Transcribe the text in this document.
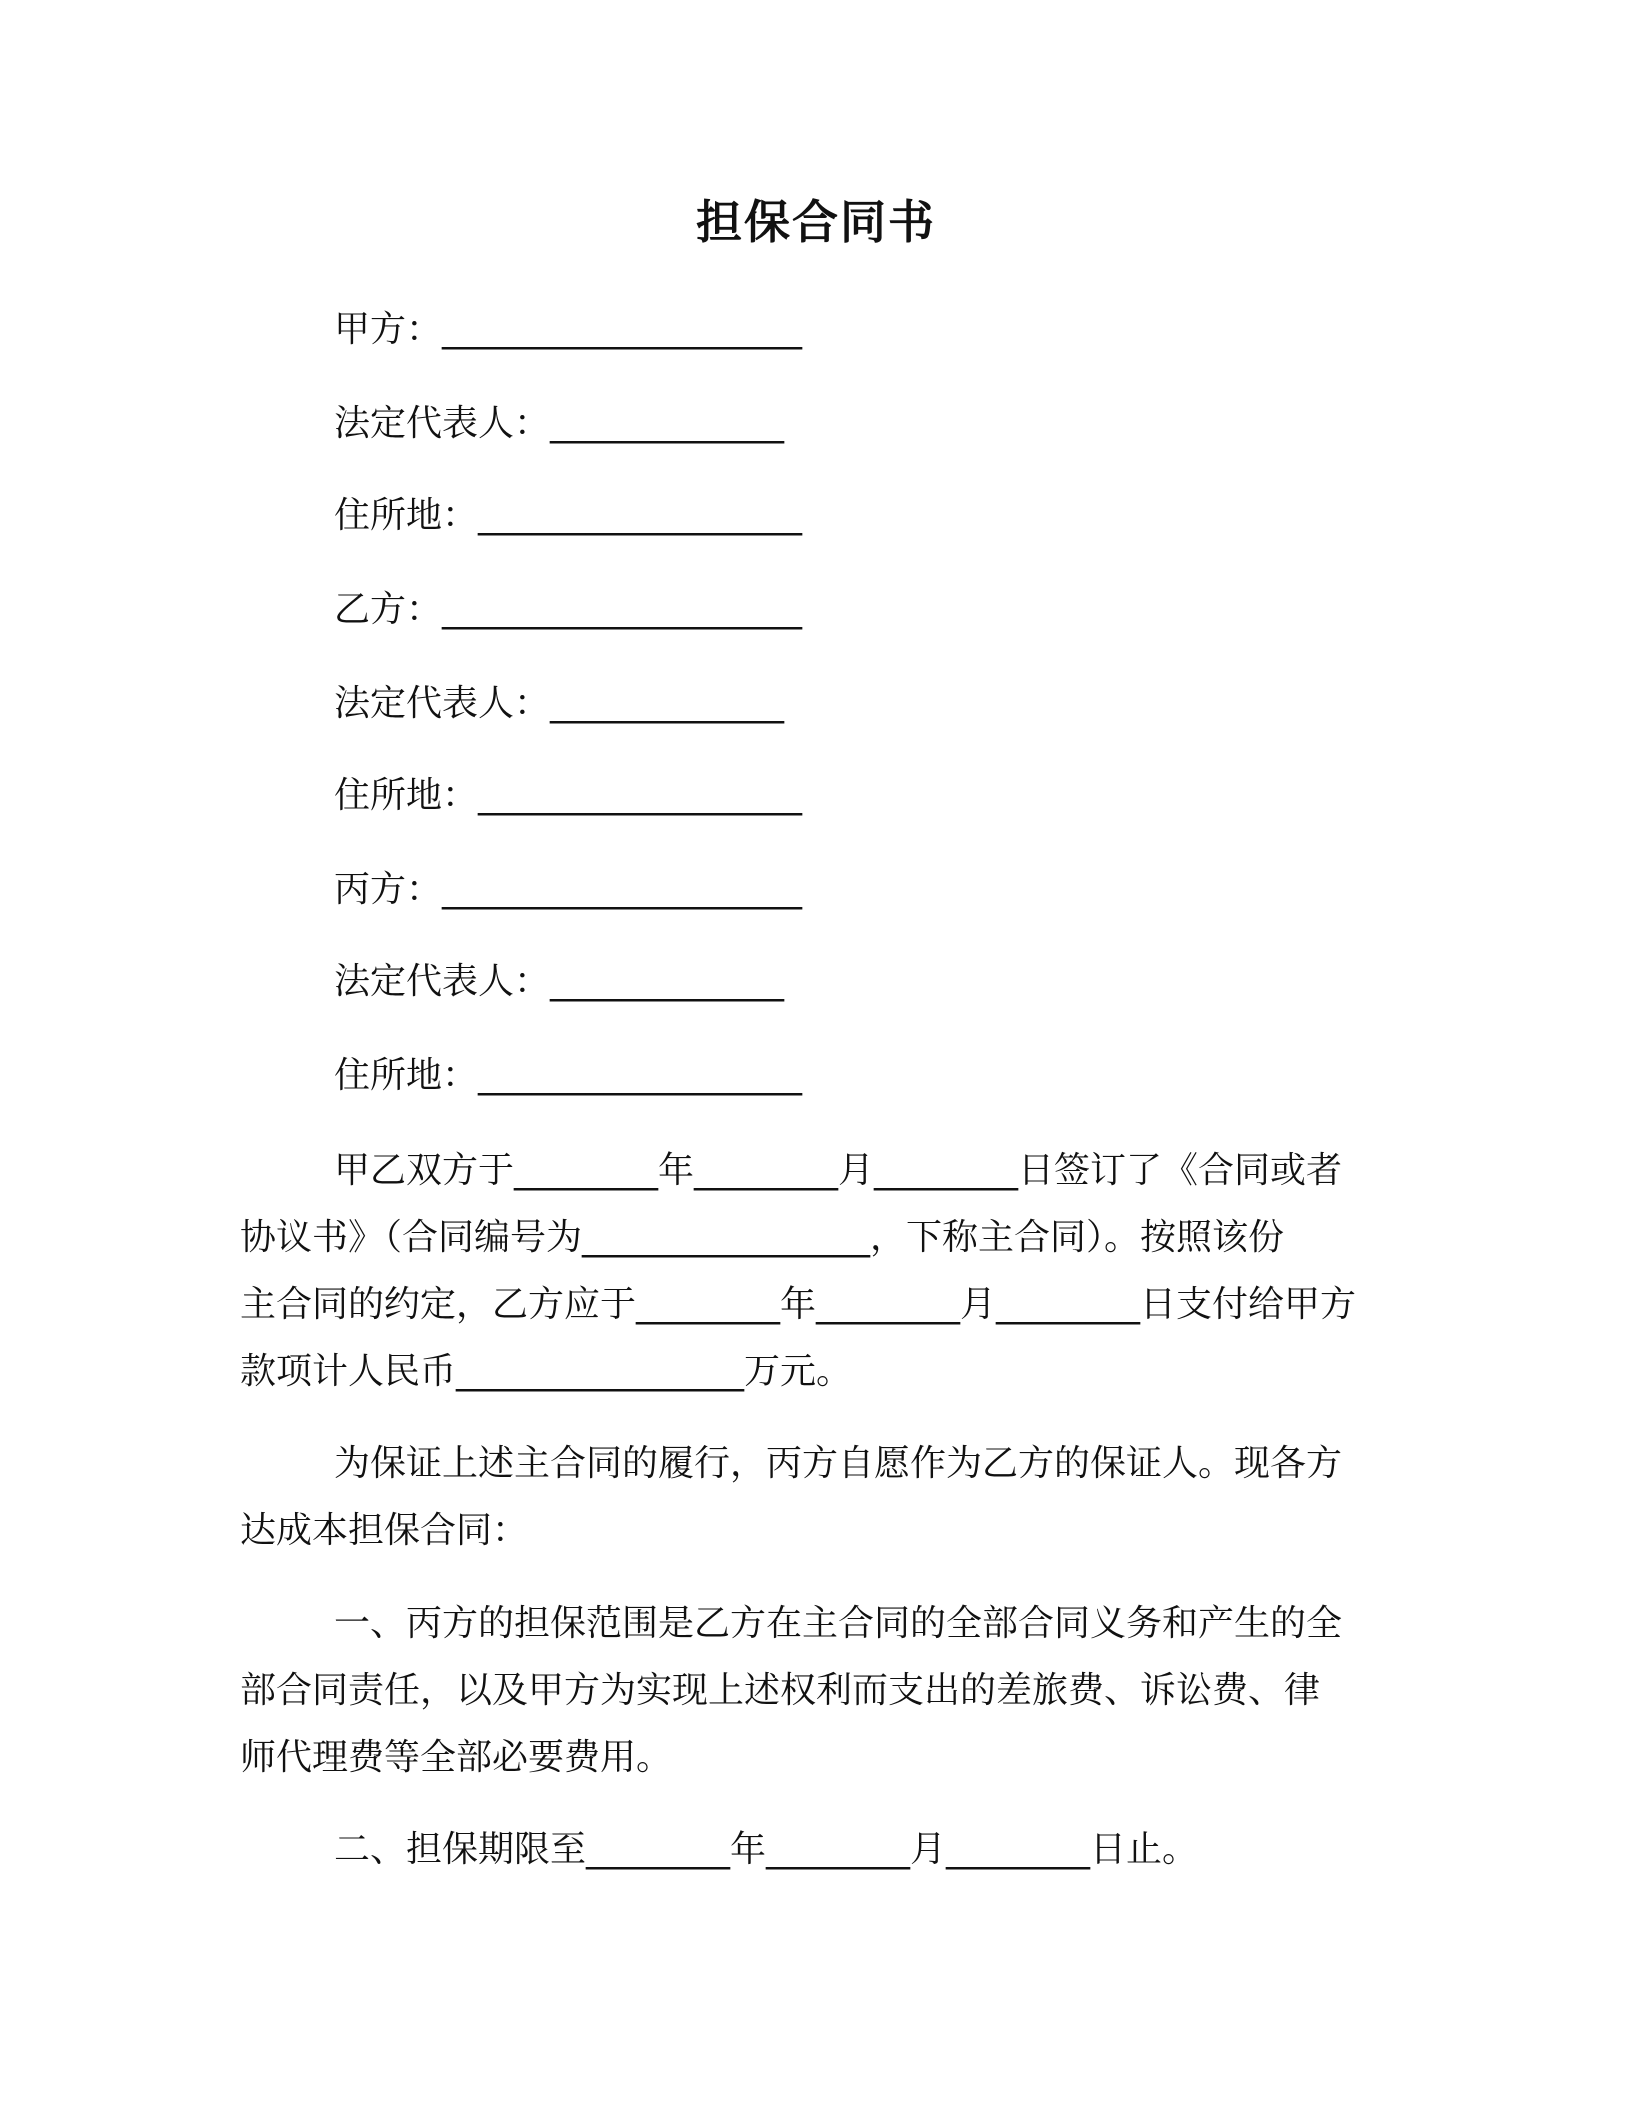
担保合同书
甲方：____________________
法定代表人：_____________
住所地：__________________
乙方：____________________
法定代表人：_____________
住所地：__________________
丙方：____________________
法定代表人：_____________
住所地：__________________
甲乙双方于________年________月________日签订了《合同或者
协议书》（合同编号为________________，下称主合同）。按照该份
主合同的约定，乙方应于________年________月________日支付给甲方
款项计人民币________________万元。
为保证上述主合同的履行，丙方自愿作为乙方的保证人。现各方
达成本担保合同：
一、丙方的担保范围是乙方在主合同的全部合同义务和产生的全
部合同责任，以及甲方为实现上述权利而支出的差旅费、诉讼费、律
师代理费等全部必要费用。
二、担保期限至________年________月________日止。
